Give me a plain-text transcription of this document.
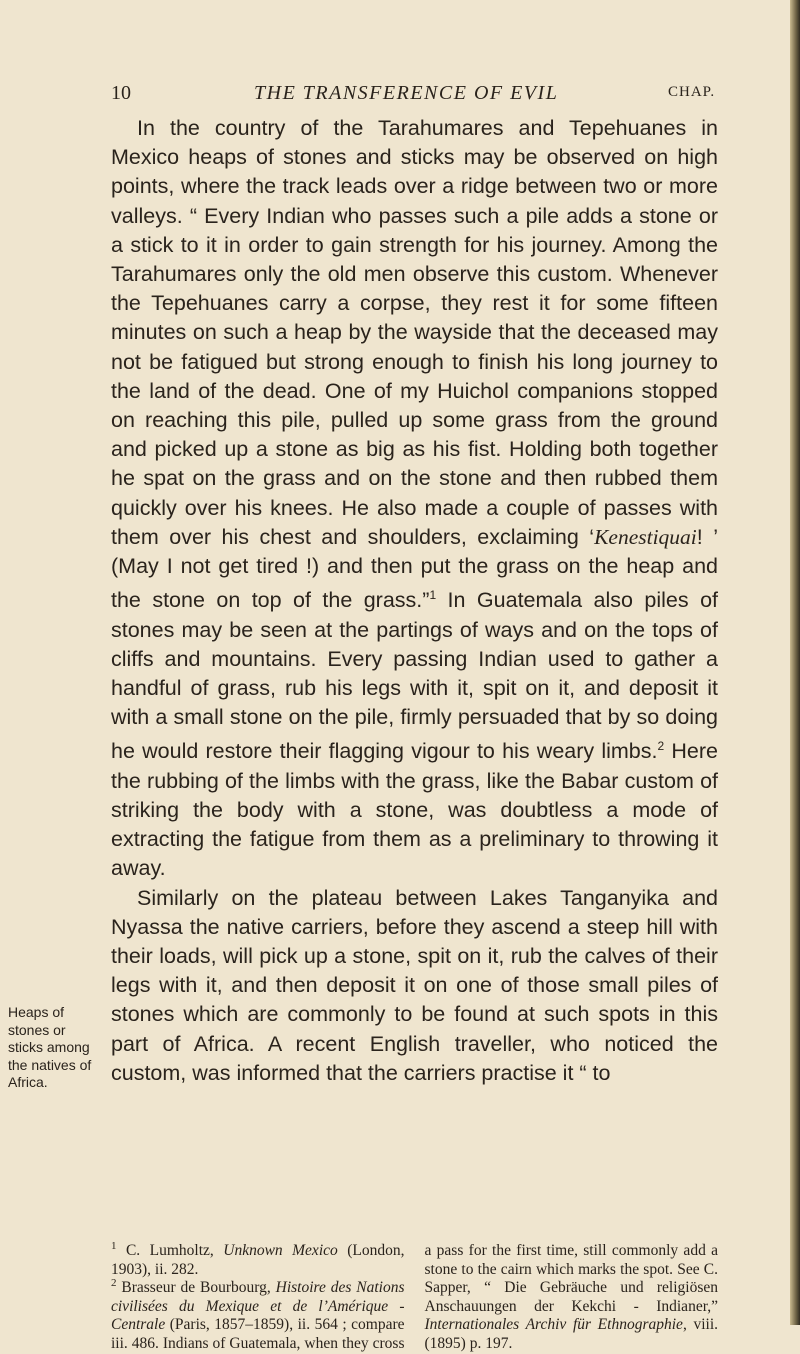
10	THE TRANSFERENCE OF EVIL	CHAP.

In the country of the Tarahumares and Tepehuanes in Mexico heaps of stones and sticks may be observed on high points, where the track leads over a ridge between two or more valleys. “ Every Indian who passes such a pile adds a stone or a stick to it in order to gain strength for his journey. Among the Tarahumares only the old men observe this custom. Whenever the Tepehuanes carry a corpse, they rest it for some fifteen minutes on such a heap by the wayside that the deceased may not be fatigued but strong enough to finish his long journey to the land of the dead. One of my Huichol companions stopped on reaching this pile, pulled up some grass from the ground and picked up a stone as big as his fist. Holding both together he spat on the grass and on the stone and then rubbed them quickly over his knees. He also made a couple of passes with them over his chest and shoulders, exclaiming ‘Kenestiquai! ’ (May I not get tired !) and then put the grass on the heap and the stone on top of the grass.”$^1$ In Guatemala also piles of stones may be seen at the partings of ways and on the tops of cliffs and mountains. Every passing Indian used to gather a handful of grass, rub his legs with it, spit on it, and deposit it with a small stone on the pile, firmly persuaded that by so doing he would restore their flagging vigour to his weary limbs.$^2$ Here the rubbing of the limbs with the grass, like the Babar custom of striking the body with a stone, was doubtless a mode of extracting the fatigue from them as a preliminary to throwing it away.

Similarly on the plateau between Lakes Tanganyika and Nyassa the native carriers, before they ascend a steep hill with their loads, will pick up a stone, spit on it, rub the calves of their legs with it, and then deposit it on one of those small piles of stones which are commonly to be found at such spots in this part of Africa. A recent English traveller, who noticed the custom, was informed that the carriers practise it “ to

Heaps of stones or sticks among the natives of Africa.

$^1$ C. Lumholtz, Unknown Mexico (London, 1903), ii. 282.

$^2$ Brasseur de Bourbourg, Histoire des Nations civilisées du Mexique et de l’Amérique - Centrale (Paris, 1857–1859), ii. 564 ; compare iii. 486. Indians of Guatemala, when they cross a pass for the first time, still commonly add a stone to the cairn which marks the spot. See C. Sapper, “ Die Gebräuche und religiösen Anschauungen der Kekchi - Indianer,” Internationales Archiv für Ethnographie, viii. (1895) p. 197.
